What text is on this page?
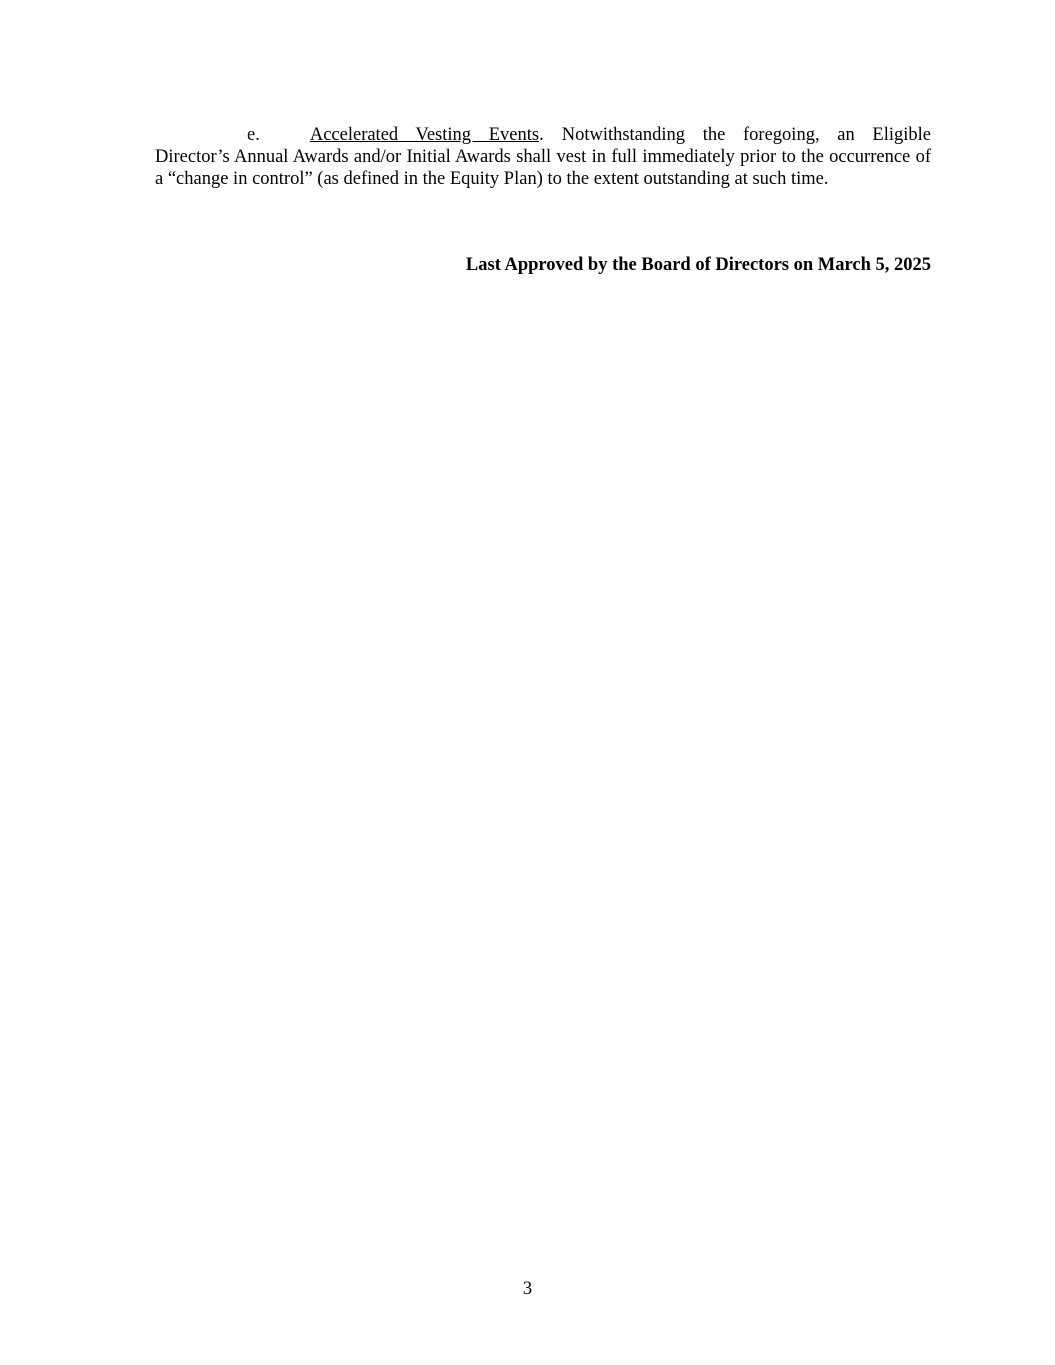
e.	Accelerated Vesting Events. Notwithstanding the foregoing, an Eligible Director’s Annual Awards and/or Initial Awards shall vest in full immediately prior to the occurrence of a “change in control” (as defined in the Equity Plan) to the extent outstanding at such time.

Last Approved by the Board of Directors on March 5, 2025

3
